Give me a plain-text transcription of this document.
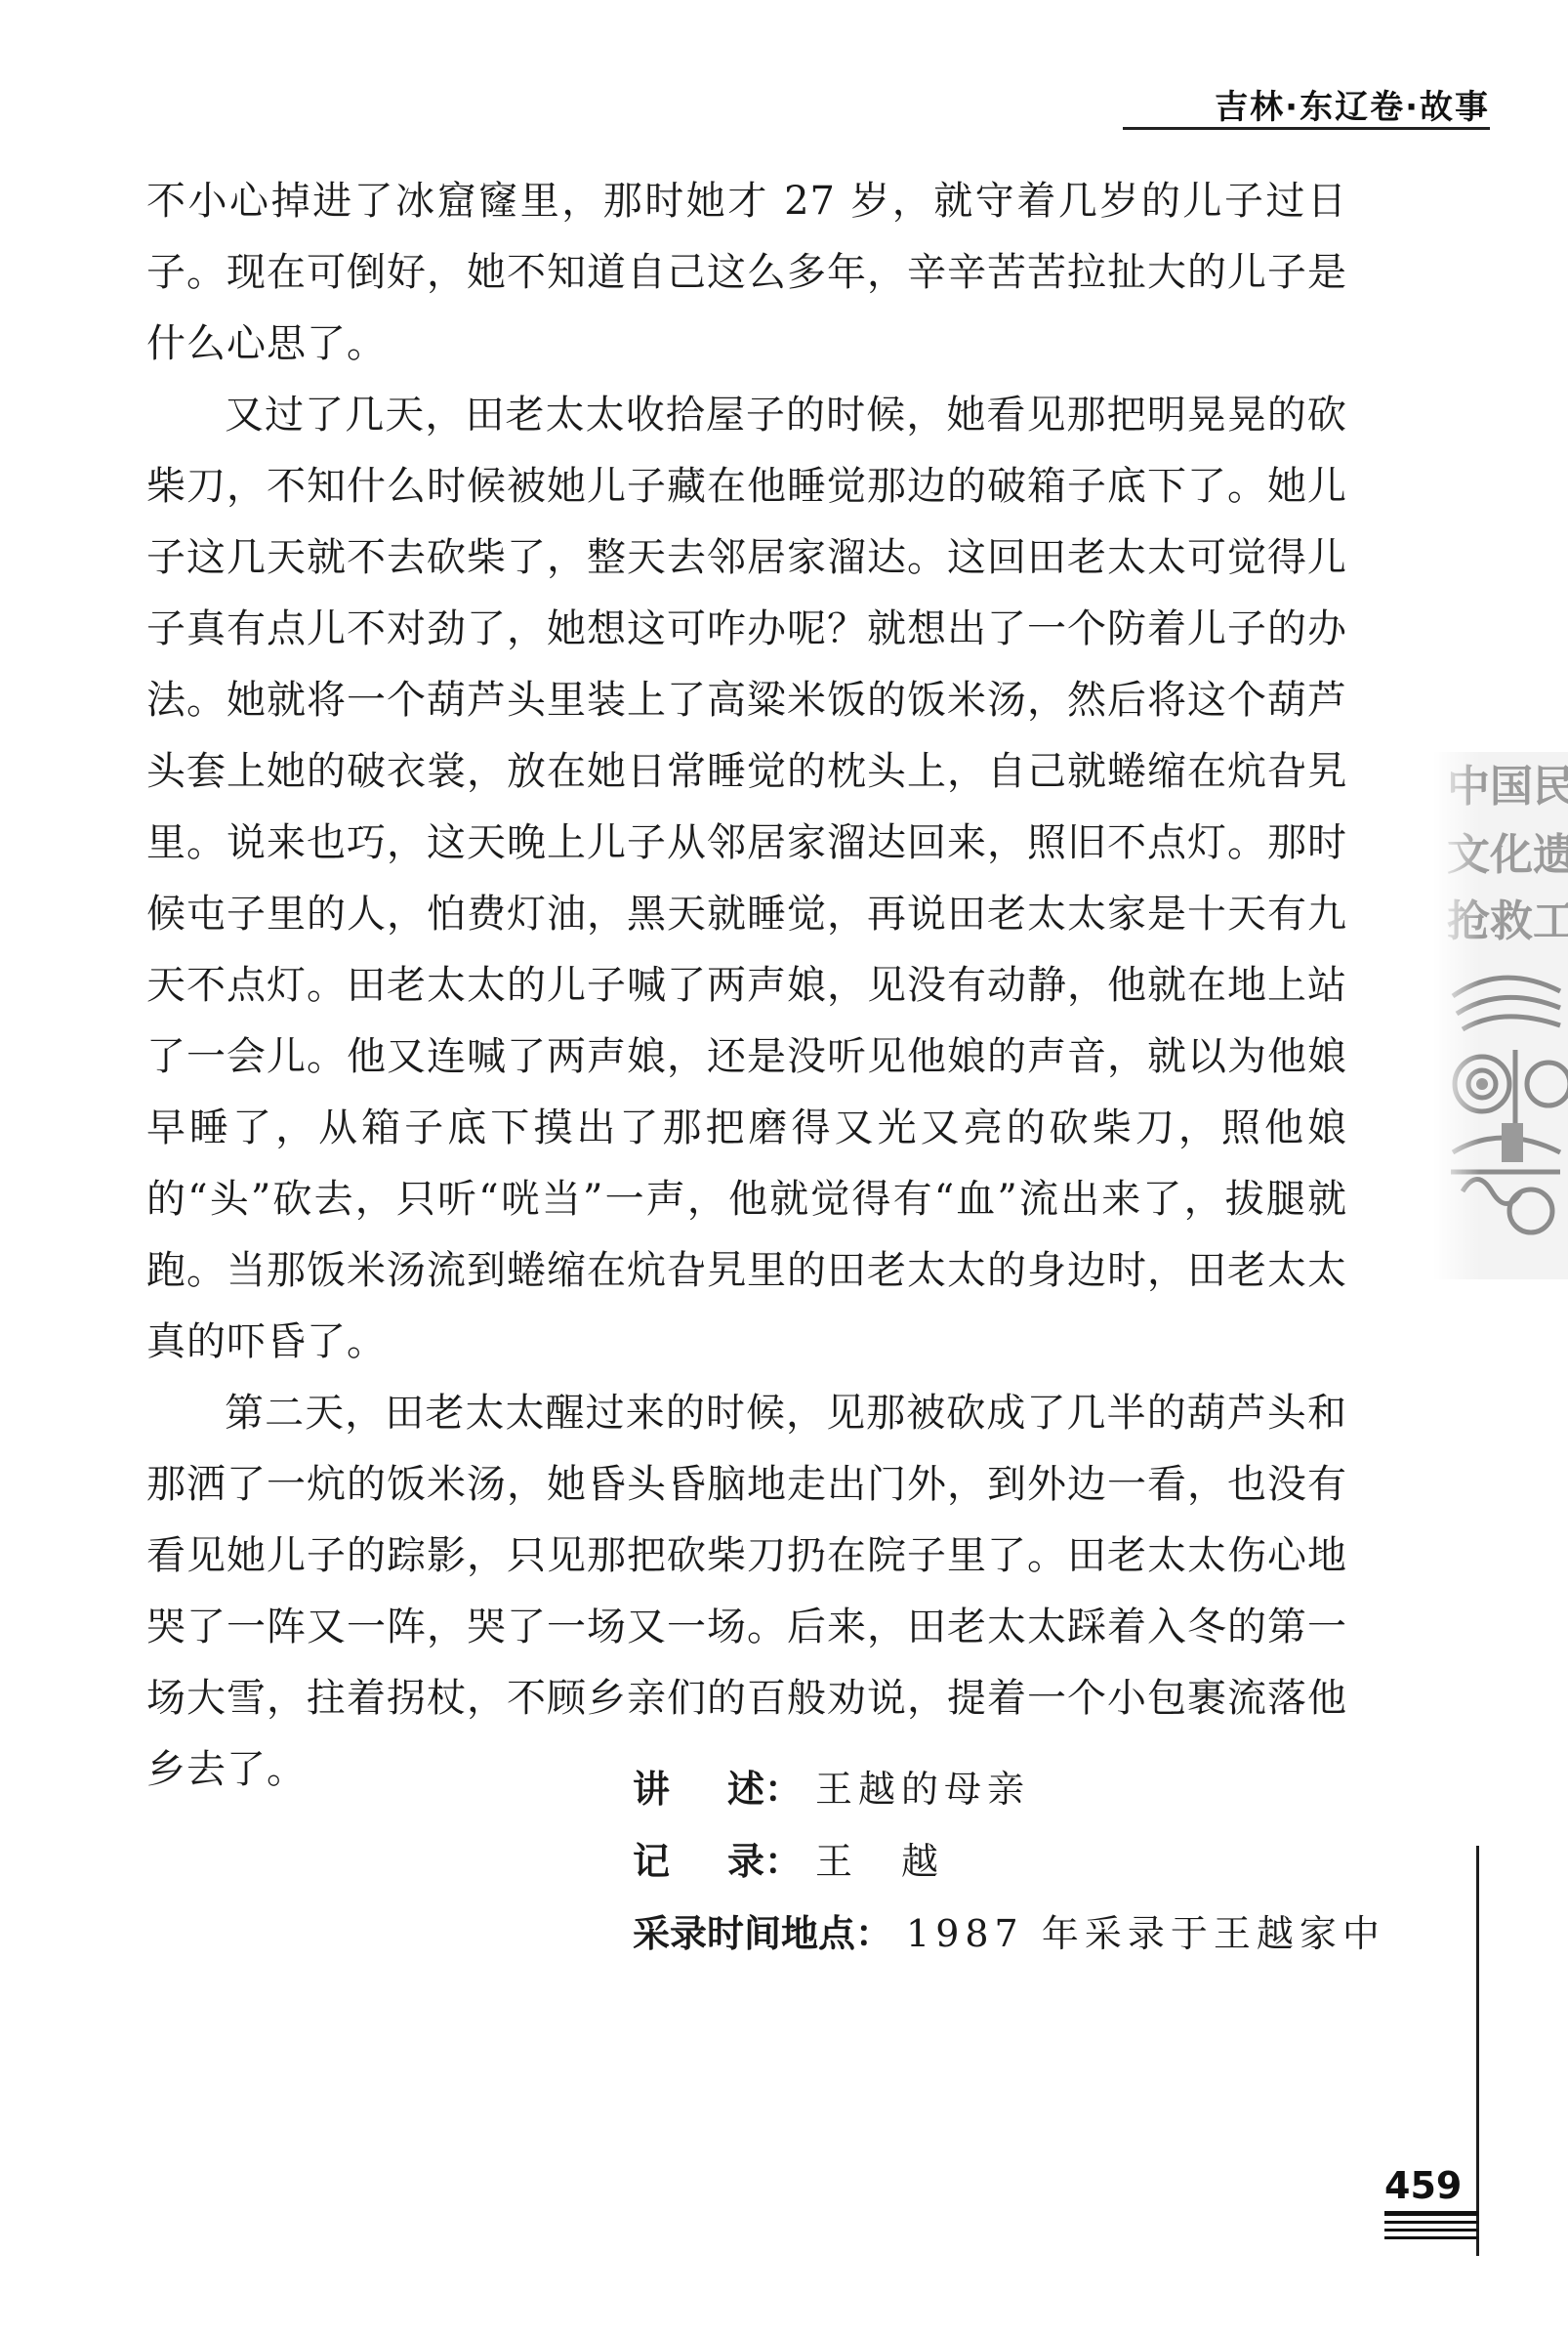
吉林·东辽卷·故事

不小心掉进了冰窟窿里，那时她才 27 岁，就守着几岁的儿子过日子。现在可倒好，她不知道自己这么多年，辛辛苦苦拉扯大的儿子是什么心思了。

又过了几天，田老太太收拾屋子的时候，她看见那把明晃晃的砍柴刀，不知什么时候被她儿子藏在他睡觉那边的破箱子底下了。她儿子这几天就不去砍柴了，整天去邻居家溜达。这回田老太太可觉得儿子真有点儿不对劲了，她想这可咋办呢？就想出了一个防着儿子的办法。她就将一个葫芦头里装上了高粱米饭的饭米汤，然后将这个葫芦头套上她的破衣裳，放在她日常睡觉的枕头上，自己就蜷缩在炕旮旯里。说来也巧，这天晚上儿子从邻居家溜达回来，照旧不点灯。那时候屯子里的人，怕费灯油，黑天就睡觉，再说田老太太家是十天有九天不点灯。田老太太的儿子喊了两声娘，见没有动静，他就在地上站了一会儿。他又连喊了两声娘，还是没听见他娘的声音，就以为他娘早睡了，从箱子底下摸出了那把磨得又光又亮的砍柴刀，照他娘的“头”砍去，只听“咣当”一声，他就觉得有“血”流出来了，拔腿就跑。当那饭米汤流到蜷缩在炕旮旯里的田老太太的身边时，田老太太真的吓昏了。

第二天，田老太太醒过来的时候，见那被砍成了几半的葫芦头和那洒了一炕的饭米汤，她昏头昏脑地走出门外，到外边一看，也没有看见她儿子的踪影，只见那把砍柴刀扔在院子里了。田老太太伤心地哭了一阵又一阵，哭了一场又一场。后来，田老太太踩着入冬的第一场大雪，拄着拐杖，不顾乡亲们的百般劝说，提着一个小包裹流落他乡去了。	讲 述 ： 王越的母亲
记 录 ： 王　越
采录时间地点 ： 1987 年采录于王越家中
459
